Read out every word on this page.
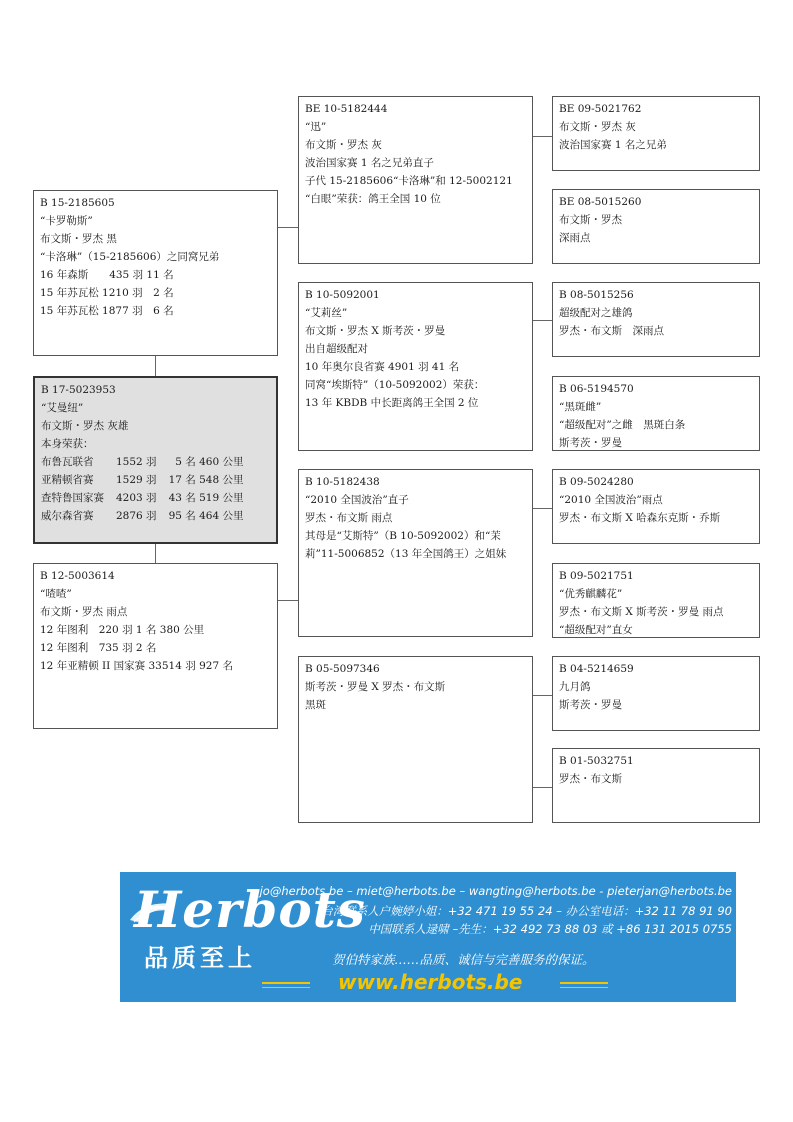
B 15-2185605
“卡罗勒斯”
布文斯・罗杰 黑
“卡洛琳”（15-2185606）之同窝兄弟
16 年森斯　　435 羽 11 名
15 年苏瓦松 1210 羽　2 名
15 年苏瓦松 1877 羽　6 名
B 17-5023953
“艾曼纽”
布文斯・罗杰 灰雄
本身荣获：
布鲁瓦联省	1552 羽	5 名 460 公里
亚精顿省赛	1529 羽	17 名 548 公里
查特鲁国家赛	4203 羽	43 名 519 公里
威尔森省赛	2876 羽	95 名 464 公里
B 12-5003614
“喳喳”
布文斯・罗杰 雨点
12 年图利　220 羽 1 名 380 公里
12 年图利　735 羽 2 名
12 年亚精顿 II 国家赛 33514 羽 927 名
BE 10-5182444
“迅”
布文斯・罗杰 灰
波治国家赛 1 名之兄弟直子
子代 15-2185606“卡洛琳”和 12-5002121
“白眼”荣获：鸽王全国 10 位
B 10-5092001
“艾莉丝”
布文斯・罗杰 X 斯考茨・罗曼
出自超级配对
10 年奥尔良省赛 4901 羽 41 名
同窝“埃斯特”（10-5092002）荣获：
13 年 KBDB 中长距离鸽王全国 2 位
B 10-5182438
“2010 全国波治”直子
罗杰・布文斯 雨点
其母是“艾斯特”（B 10-5092002）和“茉
莉”11-5006852（13 年全国鸽王）之姐妹
B 05-5097346
斯考茨・罗曼 X 罗杰・布文斯
黑斑
BE 09-5021762
布文斯・罗杰 灰
波治国家赛 1 名之兄弟
BE 08-5015260
布文斯・罗杰
深雨点
B 08-5015256
超级配对之雄鸽
罗杰・布文斯　深雨点
B 06-5194570
“黑斑雌”
“超级配对”之雌　黑斑白条
斯考茨・罗曼
B 09-5024280
“2010 全国波治”雨点
罗杰・布文斯 X 哈森东克斯・乔斯
B 09-5021751
“优秀麒麟花”
罗杰・布文斯 X 斯考茨・罗曼 雨点
“超级配对”直女
B 04-5214659
九月鸽
斯考茨・罗曼
B 01-5032751
罗杰・布文斯
Herbots
品质至上
jo@herbots.be – miet@herbots.be – wangting@herbots.be - pieterjan@herbots.be
台湾联系人户婉婷小姐：+32 471 19 55 24 – 办公室电话：+32 11 78 91 90
中国联系人逯啸 –先生：+32 492 73 88 03 或 +86 131 2015 0755
贺伯特家族……品质、诚信与完善服务的保证。
www.herbots.be
